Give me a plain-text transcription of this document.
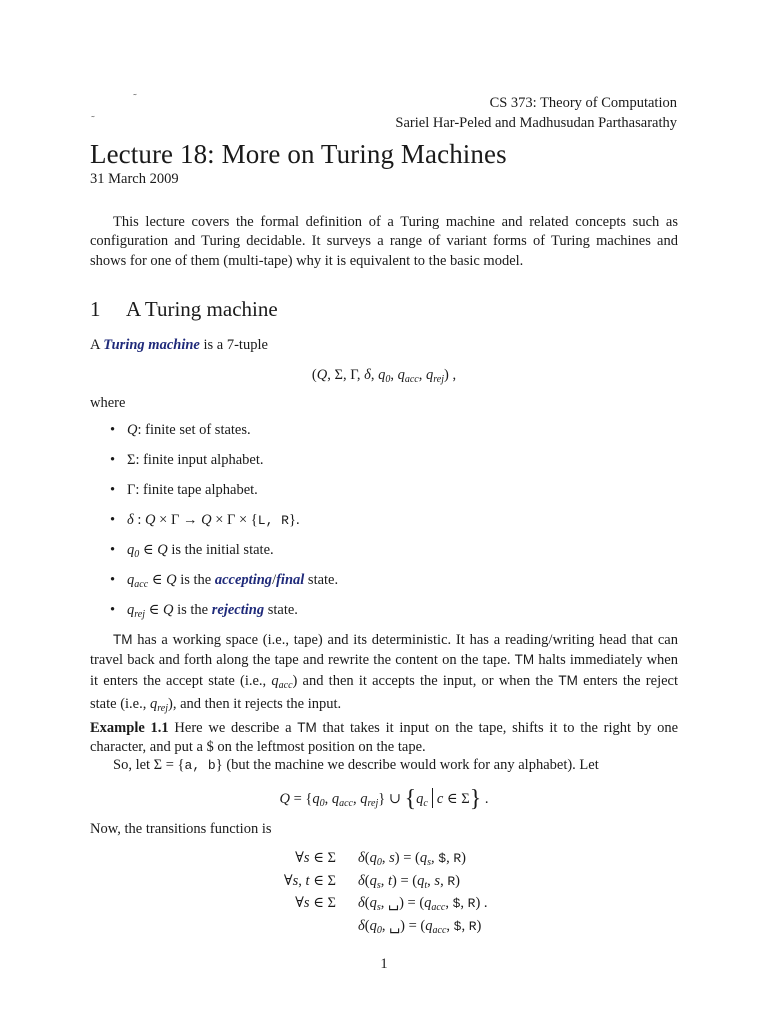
˜
˜
CS 373: Theory of Computation
Sariel Har-Peled and Madhusudan Parthasarathy
Lecture 18: More on Turing Machines
31 March 2009
This lecture covers the formal definition of a Turing machine and related concepts such as configuration and Turing decidable. It surveys a range of variant forms of Turing machines and shows for one of them (multi-tape) why it is equivalent to the basic model.
1 A Turing machine
A Turing machine is a 7-tuple
(Q, Σ, Γ, δ, $q_0$, $q_{acc}$, $q_{rej}$) ,
where
• Q: finite set of states.
• Σ: finite input alphabet.
• Γ: finite tape alphabet.
• δ : Q × Γ → Q × Γ × {L, R}.
• $q_0$ ∈ Q is the initial state.
• $q_{acc}$ ∈ Q is the accepting/final state.
• $q_{rej}$ ∈ Q is the rejecting state.
TM has a working space (i.e., tape) and its deterministic. It has a reading/writing head that can travel back and forth along the tape and rewrite the content on the tape. TM halts immediately when it enters the accept state (i.e., $q_{acc}$) and then it accepts the input, or when the TM enters the reject state (i.e., $q_{rej}$), and then it rejects the input.
Example 1.1 Here we describe a TM that takes it input on the tape, shifts it to the right by one character, and put a $ on the leftmost position on the tape.
So, let Σ = {a, b} (but the machine we describe would work for any alphabet). Let
$Q = \{q_0$, $q_{acc}$, $q_{rej}$} ∪ {$q_c$ c ∈ Σ} .
Now, the transitions function is
∀s ∈ Σ $\delta(q_0$, $s) = (q_s$, $, R)
∀s, t ∈ Σ $\delta(q_s$, $t) = (q_t$, s, R)
∀s ∈ Σ $\delta(q_s$, ␣) = ($q_{acc}$, $, R) .
$\delta(q_0$, ␣) = ($q_{acc}$, $, R)
1
